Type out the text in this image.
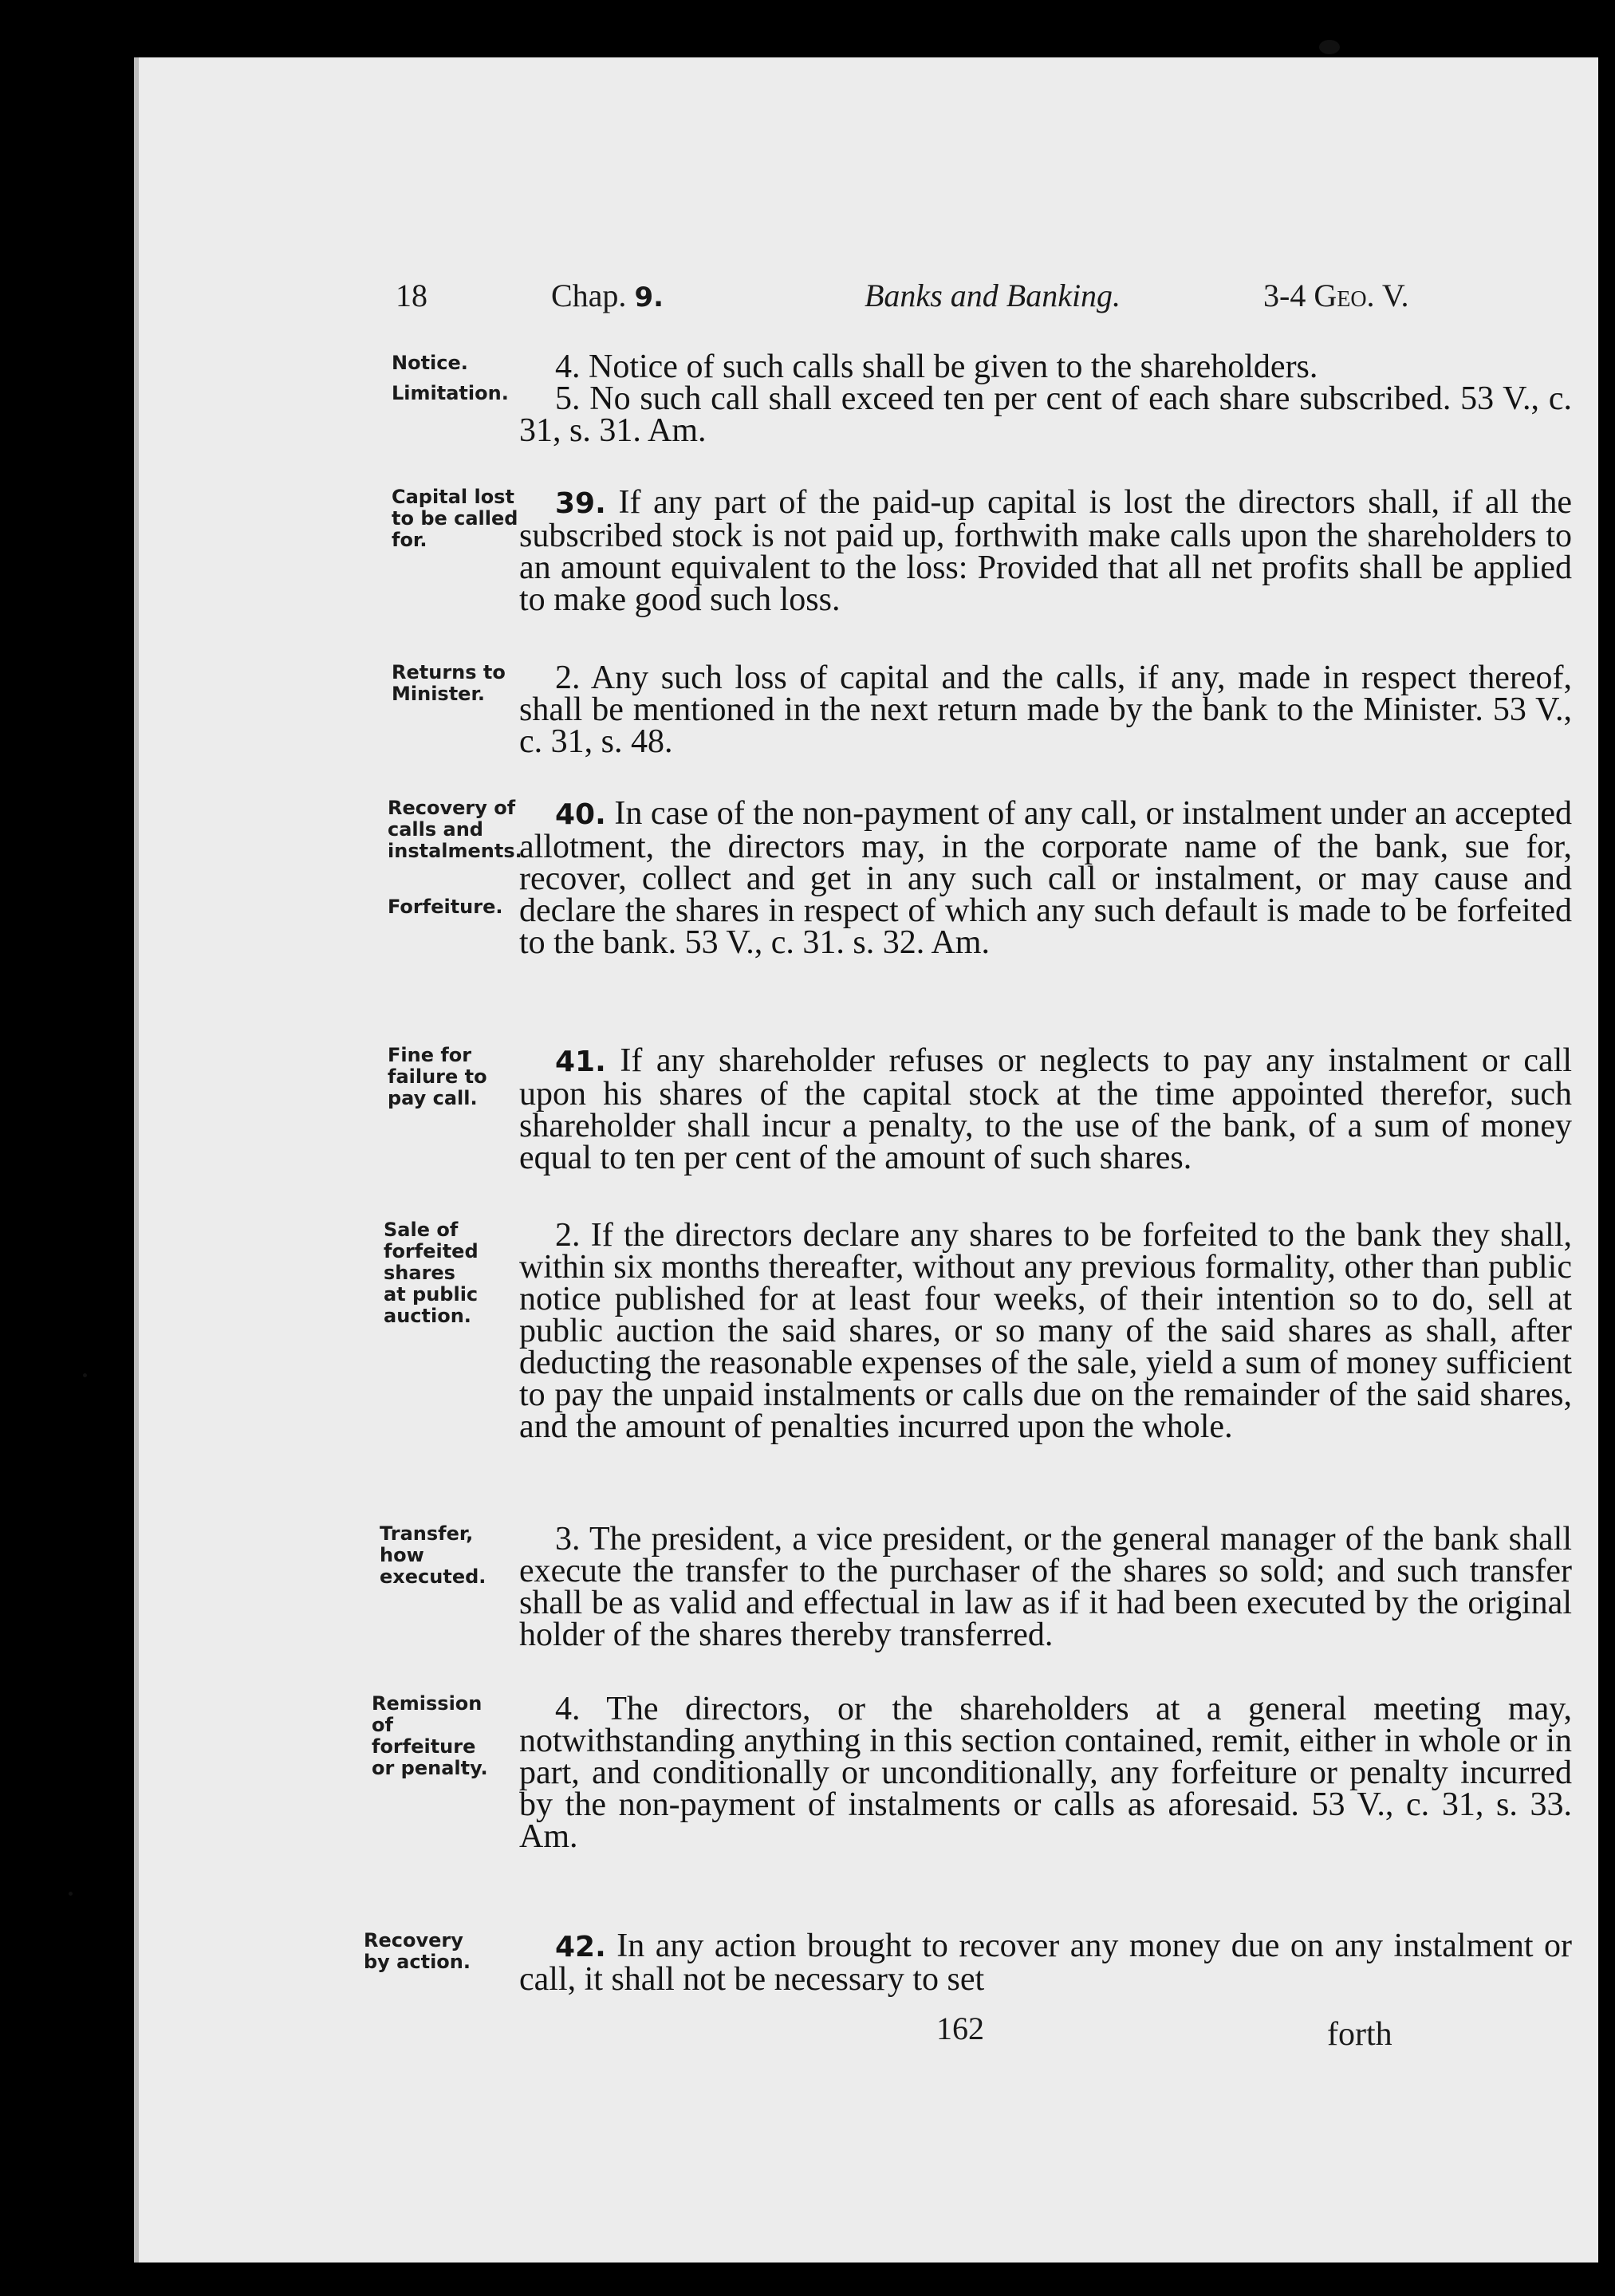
18	Chap. 9.	Banks and Banking.	3-4 Geo. V.
Notice.
Limitation.
Capital lost to be called for.
Returns to Minister.
Recovery of calls and instalments.
Forfeiture.
Fine for failure to pay call.
Sale of forfeited shares at public auction.
Transfer, how executed.
Remission of forfeiture or penalty.
Recovery by action.
4. Notice of such calls shall be given to the shareholders.
5. No such call shall exceed ten per cent of each share subscribed. 53 V., c. 31, s. 31. Am.
39. If any part of the paid-up capital is lost the directors shall, if all the subscribed stock is not paid up, forthwith make calls upon the shareholders to an amount equivalent to the loss: Provided that all net profits shall be applied to make good such loss.
2. Any such loss of capital and the calls, if any, made in respect thereof, shall be mentioned in the next return made by the bank to the Minister. 53 V., c. 31, s. 48.
40. In case of the non-payment of any call, or instalment under an accepted allotment, the directors may, in the corporate name of the bank, sue for, recover, collect and get in any such call or instalment, or may cause and declare the shares in respect of which any such default is made to be forfeited to the bank. 53 V., c. 31. s. 32. Am.
41. If any shareholder refuses or neglects to pay any instalment or call upon his shares of the capital stock at the time appointed therefor, such shareholder shall incur a penalty, to the use of the bank, of a sum of money equal to ten per cent of the amount of such shares.
2. If the directors declare any shares to be forfeited to the bank they shall, within six months thereafter, without any previous formality, other than public notice published for at least four weeks, of their intention so to do, sell at public auction the said shares, or so many of the said shares as shall, after deducting the reasonable expenses of the sale, yield a sum of money sufficient to pay the unpaid instalments or calls due on the remainder of the said shares, and the amount of penalties incurred upon the whole.
3. The president, a vice president, or the general manager of the bank shall execute the transfer to the purchaser of the shares so sold; and such transfer shall be as valid and effectual in law as if it had been executed by the original holder of the shares thereby transferred.
4. The directors, or the shareholders at a general meeting may, notwithstanding anything in this section contained, remit, either in whole or in part, and conditionally or unconditionally, any forfeiture or penalty incurred by the non-payment of instalments or calls as aforesaid. 53 V., c. 31, s. 33. Am.
42. In any action brought to recover any money due on any instalment or call, it shall not be necessary to set
162	forth
